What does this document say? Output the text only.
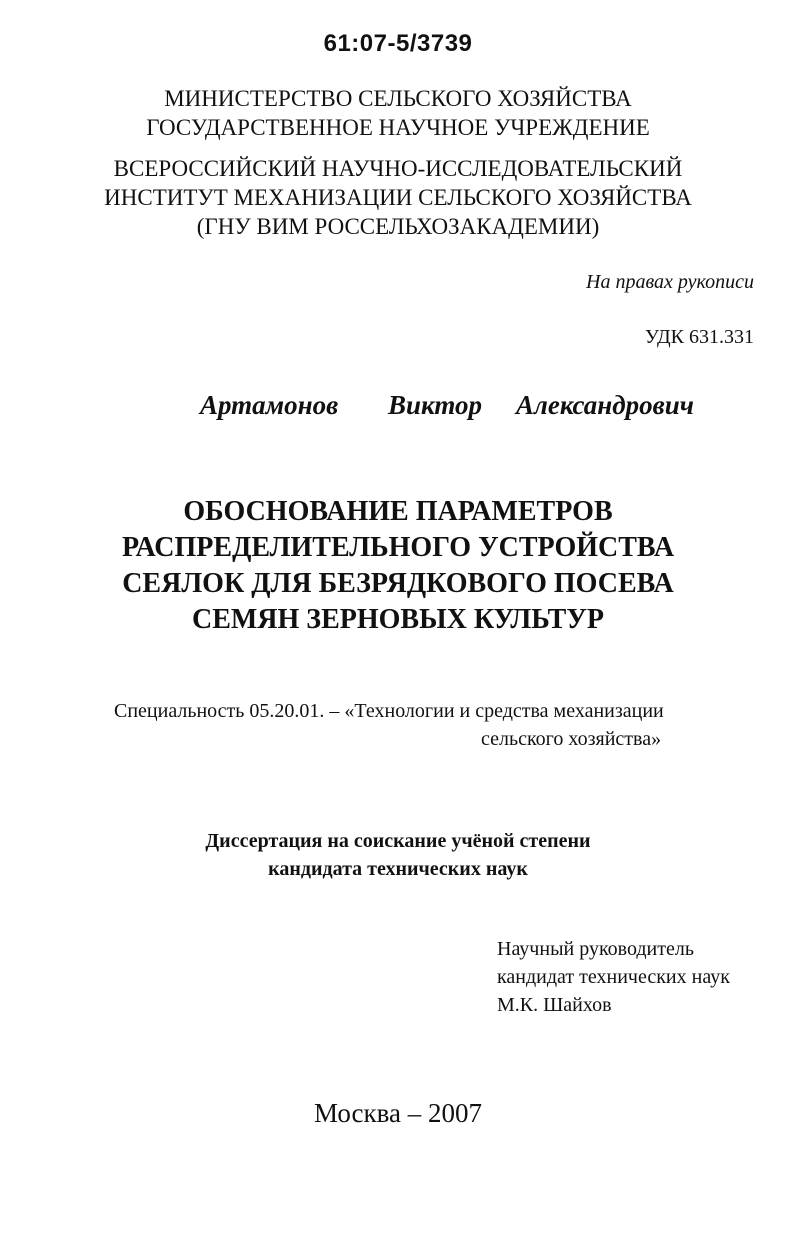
61:07-5/3739
МИНИСТЕРСТВО СЕЛЬСКОГО ХОЗЯЙСТВА
ГОСУДАРСТВЕННОЕ НАУЧНОЕ УЧРЕЖДЕНИЕ
ВСЕРОССИЙСКИЙ НАУЧНО-ИССЛЕДОВАТЕЛЬСКИЙ
ИНСТИТУТ МЕХАНИЗАЦИИ СЕЛЬСКОГО ХОЗЯЙСТВА
(ГНУ ВИМ РОССЕЛЬХОЗАКАДЕМИИ)
На правах рукописи
УДК 631.331
Артамонов Виктор Александрович
ОБОСНОВАНИЕ ПАРАМЕТРОВ
РАСПРЕДЕЛИТЕЛЬНОГО УСТРОЙСТВА
СЕЯЛОК ДЛЯ БЕЗРЯДКОВОГО ПОСЕВА
СЕМЯН ЗЕРНОВЫХ КУЛЬТУР
Специальность 05.20.01. – «Технологии и средства механизации
сельского хозяйства»
Диссертация на соискание учёной степени
кандидата технических наук
Научный руководитель
кандидат технических наук
М.К. Шайхов
Москва – 2007
